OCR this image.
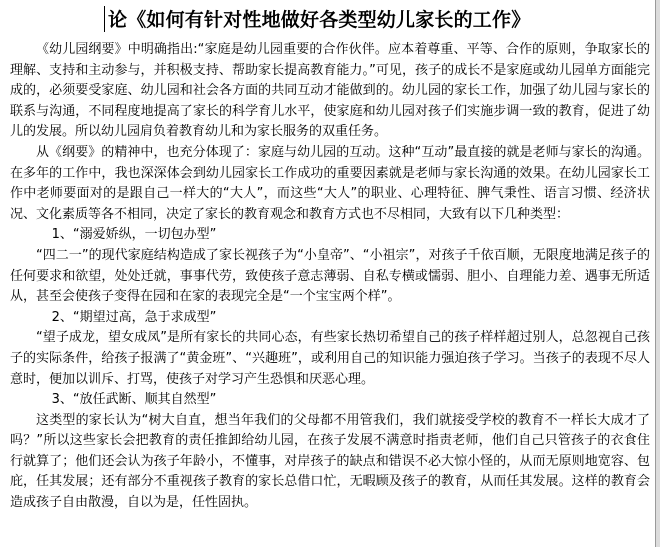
论《如何有针对性地做好各类型幼儿家长的工作》

《幼儿园纲要》中明确指出:“家庭是幼儿园重要的合作伙伴。应本着尊重、平等、合作的原则，争取家长的理解、支持和主动参与，并积极支持、帮助家长提高教育能力。”可见，孩子的成长不是家庭或幼儿园单方面能完成的，必须要受家庭、幼儿园和社会各方面的共同互动才能做到的。幼儿园的家长工作，加强了幼儿园与家长的联系与沟通，不同程度地提高了家长的科学育儿水平，使家庭和幼儿园对孩子们实施步调一致的教育，促进了幼儿的发展。所以幼儿园肩负着教育幼儿和为家长服务的双重任务。

从《纲要》的精神中，也充分体现了：家庭与幼儿园的互动。这种“互动”最直接的就是老师与家长的沟通。在多年的工作中，我也深深体会到幼儿园家长工作成功的重要因素就是老师与家长沟通的效果。在幼儿园家长工作中老师要面对的是跟自己一样大的“大人”，而这些“大人”的职业、心理特征、脾气秉性、语言习惯、经济状况、文化素质等各不相同，决定了家长的教育观念和教育方式也不尽相同，大致有以下几种类型：

1、“溺爱娇纵，一切包办型”

“四二一”的现代家庭结构造成了家长视孩子为“小皇帝”、“小祖宗”，对孩子千依百顺，无限度地满足孩子的任何要求和欲望，处处迁就，事事代劳，致使孩子意志薄弱、自私专横或懦弱、胆小、自理能力差、遇事无所适从，甚至会使孩子变得在园和在家的表现完全是“一个宝宝两个样”。

2、“期望过高，急于求成型”

“望子成龙，望女成凤”是所有家长的共同心态，有些家长热切希望自己的孩子样样超过别人，总忽视自己孩子的实际条件，给孩子报满了“黄金班”、“兴趣班”，或利用自己的知识能力强迫孩子学习。当孩子的表现不尽人意时，便加以训斥、打骂，使孩子对学习产生恐惧和厌恶心理。

3、“放任武断、顺其自然型”

这类型的家长认为“树大自直，想当年我们的父母都不用管我们，我们就接受学校的教育不一样长大成才了吗？”所以这些家长会把教育的责任推卸给幼儿园，在孩子发展不满意时指责老师，他们自己只管孩子的衣食住行就算了；他们还会认为孩子年龄小，不懂事，对岸孩子的缺点和错误不必大惊小怪的，从而无原则地宽容、包庇，任其发展；还有部分不重视孩子教育的家长总借口忙，无暇顾及孩子的教育，从而任其发展。这样的教育会造成孩子自由散漫，自以为是，任性固执。
